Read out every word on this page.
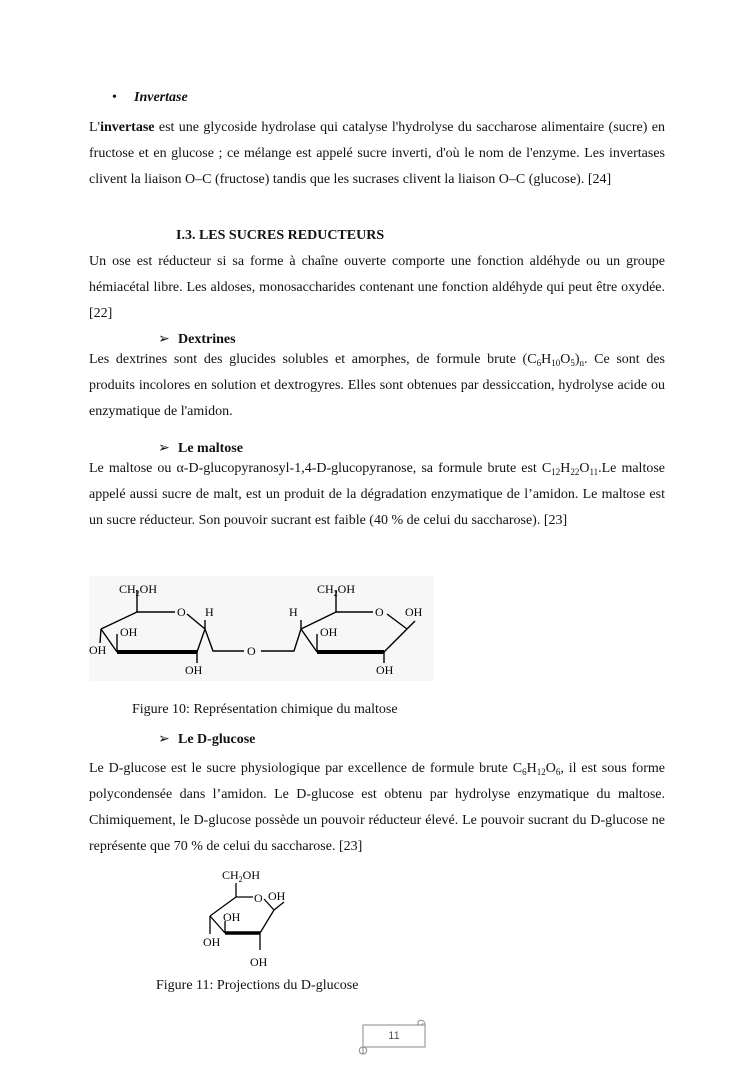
• Invertase

L'invertase est une glycoside hydrolase qui catalyse l'hydrolyse du saccharose alimentaire (sucre) en fructose et en glucose ; ce mélange est appelé sucre inverti, d'où le nom de l'enzyme. Les invertases clivent la liaison O–C (fructose) tandis que les sucrases clivent la liaison O–C (glucose). [24]

I.3. LES SUCRES REDUCTEURS

Un ose est réducteur si sa forme à chaîne ouverte comporte une fonction aldéhyde ou un groupe hémiacétal libre. Les aldoses, monosaccharides contenant une fonction aldéhyde qui peut être oxydée. [22]

➢ Dextrines

Les dextrines sont des glucides solubles et amorphes, de formule brute $(C_6H_{10}O_5)_n$. Ce sont des produits incolores en solution et dextrogyres. Elles sont obtenues par dessiccation, hydrolyse acide ou enzymatique de l'amidon.

➢ Le maltose

Le maltose ou α-D-glucopyranosyl-1,4-D-glucopyranose, sa formule brute est $C_{12}H_{22}O_{11}.Le$ maltose appelé aussi sucre de malt, est un produit de la dégradation enzymatique de l’amidon. Le maltose est un sucre réducteur. Son pouvoir sucrant est faible (40 % de celui du saccharose). [23]

$CH_2OH$
O H
OH
OH
OH
O
$CH_2OH$
H	O OH
OH
OH
Figure 10: Représentation chimique du maltose
➢ Le D-glucose

Le D-glucose est le sucre physiologique par excellence de formule brute $C_6H_{12}O_6$, il est sous forme polycondensée dans l’amidon. Le D-glucose est obtenu par hydrolyse enzymatique du maltose. Chimiquement, le D-glucose possède un pouvoir réducteur élevé. Le pouvoir sucrant du D-glucose ne représente que 70 % de celui du saccharose. [23]

$CH_2OH$
O OH
OH
OH
OH
Figure 11: Projections du D-glucose
11
